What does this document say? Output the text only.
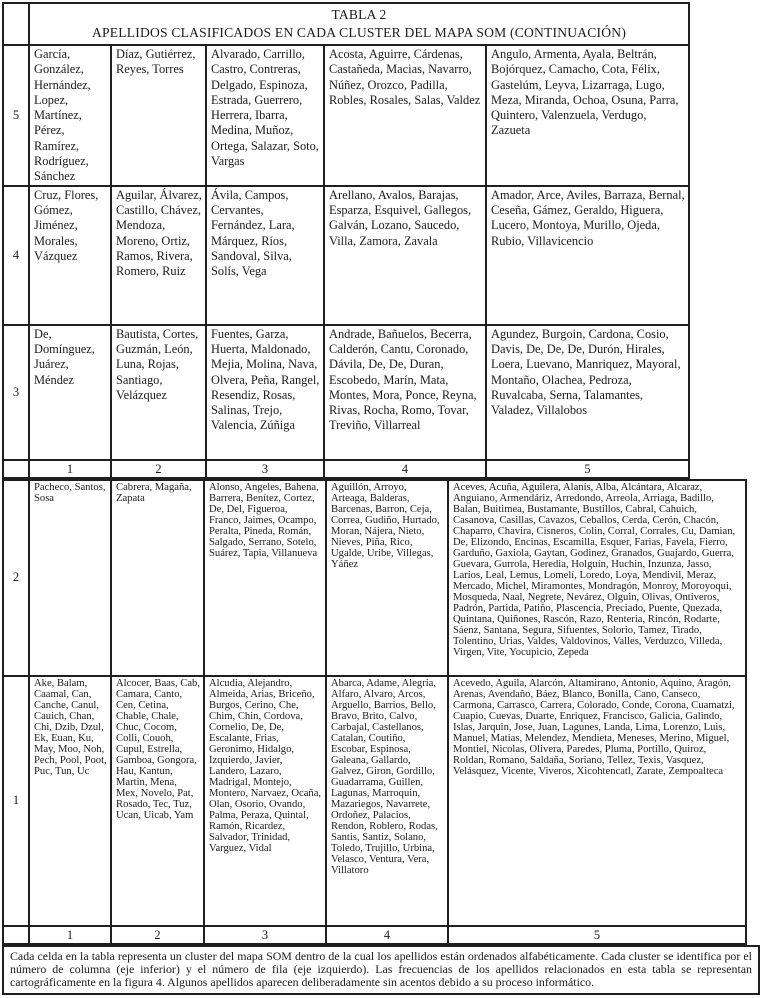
	TABLA 2
APELLIDOS CLASIFICADOS EN CADA CLUSTER DEL MAPA SOM (CONTINUACIÓN)				

5	García, González, Hernández, Lopez, Martínez, Pérez, Ramírez, Rodríguez, Sánchez	Díaz, Gutiérrez, Reyes, Torres	Alvarado, Carrillo, Castro, Contreras, Delgado, Espinoza, Estrada, Guerrero, Herrera, Ibarra, Medina, Muñoz, Ortega, Salazar, Soto, Vargas	Acosta, Aguirre, Cárdenas, Castañeda, Macias, Navarro, Núñez, Orozco, Padilla, Robles, Rosales, Salas, Valdez	Angulo, Armenta, Ayala, Beltrán, Bojórquez, Camacho, Cota, Félix, Gastelúm, Leyva, Lizarraga, Lugo, Meza, Miranda, Ochoa, Osuna, Parra, Quintero, Valenzuela, Verdugo, Zazueta
4	Cruz, Flores, Gómez, Jiménez, Morales, Vázquez	Aguilar, Álvarez, Castillo, Chávez, Mendoza, Moreno, Ortiz, Ramos, Rivera, Romero, Ruiz	Ávila, Campos, Cervantes, Fernández, Lara, Márquez, Ríos, Sandoval, Silva, Solís, Vega	Arellano, Avalos, Barajas, Esparza, Esquivel, Gallegos, Galván, Lozano, Saucedo, Villa, Zamora, Zavala	Amador, Arce, Aviles, Barraza, Bernal, Ceseña, Gámez, Geraldo, Higuera, Lucero, Montoya, Murillo, Ojeda, Rubio, Villavicencio
3	De, Domínguez, Juárez, Méndez	Bautista, Cortes, Guzmán, León, Luna, Rojas, Santiago, Velázquez	Fuentes, Garza, Huerta, Maldonado, Mejia, Molina, Nava, Olvera, Peña, Rangel, Resendiz, Rosas, Salinas, Trejo, Valencia, Zúñiga	Andrade, Bañuelos, Becerra, Calderón, Cantu, Coronado, Dávila, De, De, Duran, Escobedo, Marín, Mata, Montes, Mora, Ponce, Reyna, Rivas, Rocha, Romo, Tovar, Treviño, Villarreal	Agundez, Burgoin, Cardona, Cosio, Davis, De, De, De, Durón, Hirales, Loera, Luevano, Manriquez, Mayoral, Montaño, Olachea, Pedroza, Ruvalcaba, Serna, Talamantes, Valadez, Villalobos
	1	2	3	4	5
2	Pacheco, Santos, Sosa	Cabrera, Magaña, Zapata	Alonso, Angeles, Bahena, Barrera, Benítez, Cortez, De, Del, Figueroa, Franco, Jaimes, Ocampo, Peralta, Pineda, Román, Salgado, Serrano, Sotelo, Suárez, Tapia, Villanueva	Aguillón, Arroyo, Arteaga, Balderas, Barcenas, Barron, Ceja, Correa, Gudiño, Hurtado, Moran, Nájera, Nieto, Nieves, Piña, Rico, Ugalde, Uribe, Villegas, Yáñez	Aceves, Acuña, Aguilera, Alanís, Alba, Alcántara, Alcaraz, Anguiano, Armendáriz, Arredondo, Arreola, Arriaga, Badillo, Balan, Buitimea, Bustamante, Bustillos, Cabral, Cahuich, Casanova, Casillas, Cavazos, Ceballos, Cerda, Cerón, Chacón, Chaparro, Chavira, Cisneros, Colin, Corral, Corrales, Cu, Damian, De, Elizondo, Encinas, Escamilla, Esquer, Farias, Favela, Fierro, Garduño, Gaxiola, Gaytan, Godinez, Granados, Guajardo, Guerra, Guevara, Gurrola, Heredia, Holguín, Huchin, Inzunza, Jasso, Larios, Leal, Lemus, Lomelí, Loredo, Loya, Mendivil, Meraz, Mercado, Michel, Miramontes, Mondragón, Monroy, Moroyoqui, Mosqueda, Naal, Negrete, Nevárez, Olguin, Olivas, Ontiveros, Padrón, Partida, Patiño, Plascencia, Preciado, Puente, Quezada, Quintana, Quiñones, Rascón, Razo, Renteria, Rincón, Rodarte, Sáenz, Santana, Segura, Sifuentes, Solorio, Tamez, Tirado, Tolentino, Urias, Valdes, Valdovinos, Valles, Verduzco, Villeda, Virgen, Vite, Yocupicio, Zepeda
1	Ake, Balam, Caamal, Can, Canche, Canul, Cauich, Chan, Chi, Dzib, Dzul, Ek, Euan, Ku, May, Moo, Noh, Pech, Pool, Poot, Puc, Tun, Uc	Alcocer, Baas, Cab, Camara, Canto, Cen, Cetina, Chable, Chale, Chuc, Cocom, Colli, Couoh, Cupul, Estrella, Gamboa, Gongora, Hau, Kantun, Martin, Mena, Mex, Novelo, Pat, Rosado, Tec, Tuz, Ucan, Uicab, Yam	Alcudia, Alejandro, Almeida, Arias, Briceño, Burgos, Cerino, Che, Chim, Chin, Cordova, Cornelio, De, De, Escalante, Frias, Geronimo, Hidalgo, Izquierdo, Javier, Landero, Lazaro, Madrigal, Montejo, Montero, Narvaez, Ocaña, Olan, Osorio, Ovando, Palma, Peraza, Quintal, Ramón, Ricardez, Salvador, Trinidad, Varguez, Vidal	Abarca, Adame, Alegria, Alfaro, Alvaro, Arcos, Arguello, Barrios, Bello, Bravo, Brito, Calvo, Carbajal, Castellanos, Catalan, Coutiño, Escobar, Espinosa, Galeana, Gallardo, Galvez, Giron, Gordillo, Guadarrama, Guillen, Lagunas, Marroquin, Mazariegos, Navarrete, Ordoñez, Palacios, Rendon, Roblero, Rodas, Santis, Santiz, Solano, Toledo, Trujillo, Urbina, Velasco, Ventura, Vera, Villatoro	Acevedo, Aguila, Alarcón, Altamirano, Antonio, Aquino, Aragón, Arenas, Avendaño, Báez, Blanco, Bonilla, Cano, Canseco, Carmona, Carrasco, Carrera, Colorado, Conde, Corona, Cuamatzi, Cuapio, Cuevas, Duarte, Enriquez, Francisco, Galicia, Galindo, Islas, Jarquin, Jose, Juan, Lagunes, Landa, Lima, Lorenzo, Luis, Manuel, Matias, Melendez, Mendieta, Meneses, Merino, Miguel, Montiel, Nicolas, Olivera, Paredes, Pluma, Portillo, Quiroz, Roldan, Romano, Saldaña, Soriano, Tellez, Texis, Vasquez, Velásquez, Vicente, Viveros, Xicohtencatl, Zarate, Zempoalteca
	1	2	3	4	5
Cada celda en la tabla representa un cluster del mapa SOM dentro de la cual los apellidos están ordenados alfabéticamente. Cada cluster se identifica por el número de columna (eje inferior) y el número de fila (eje izquierdo). Las frecuencias de los apellidos relacionados en esta tabla se representan cartográficamente en la figura 4. Algunos apellidos aparecen deliberadamente sin acentos debido a su proceso informático.
